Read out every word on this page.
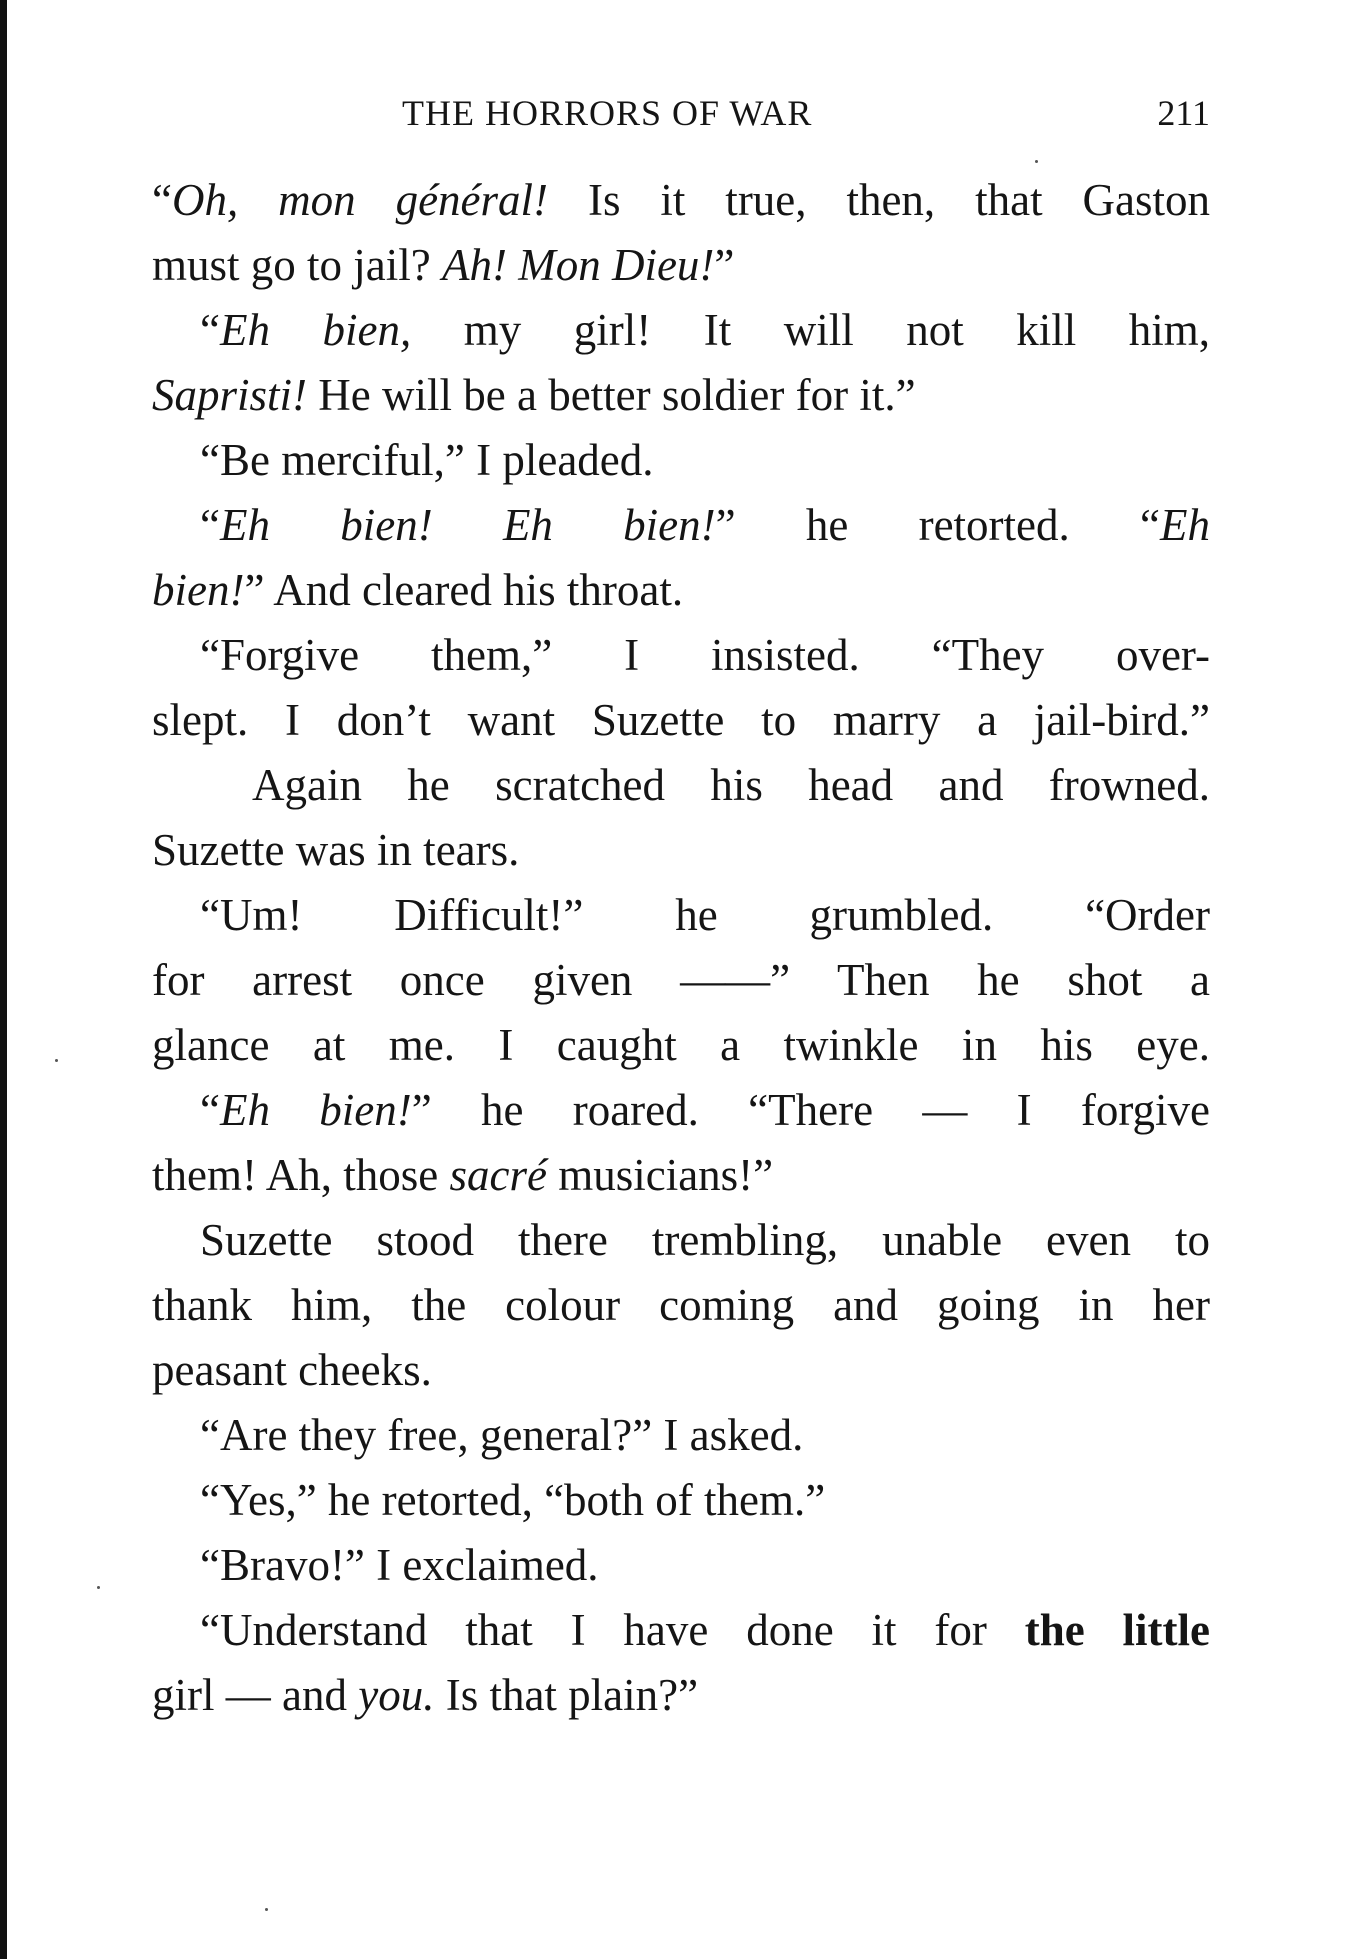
THE HORRORS OF WAR	211
“Oh, mon général! Is it true, then, that Gaston
must go to jail? Ah! Mon Dieu!”
“Eh bien, my girl! It will not kill him,
Sapristi! He will be a better soldier for it.”
“Be merciful,” I pleaded.
“Eh bien! Eh bien!” he retorted. “Eh
bien!” And cleared his throat.
“Forgive them,” I insisted. “They over-
slept. I don’t want Suzette to marry a jail-bird.”
Again he scratched his head and frowned.
Suzette was in tears.
“Um! Difficult!” he grumbled. “Order
for arrest once given ——” Then he shot a
glance at me. I caught a twinkle in his eye.
“Eh bien!” he roared. “There — I forgive
them! Ah, those sacré musicians!”
Suzette stood there trembling, unable even to
thank him, the colour coming and going in her
peasant cheeks.
“Are they free, general?” I asked.
“Yes,” he retorted, “both of them.”
“Bravo!” I exclaimed.
“Understand that I have done it for the little
girl — and you. Is that plain?”
